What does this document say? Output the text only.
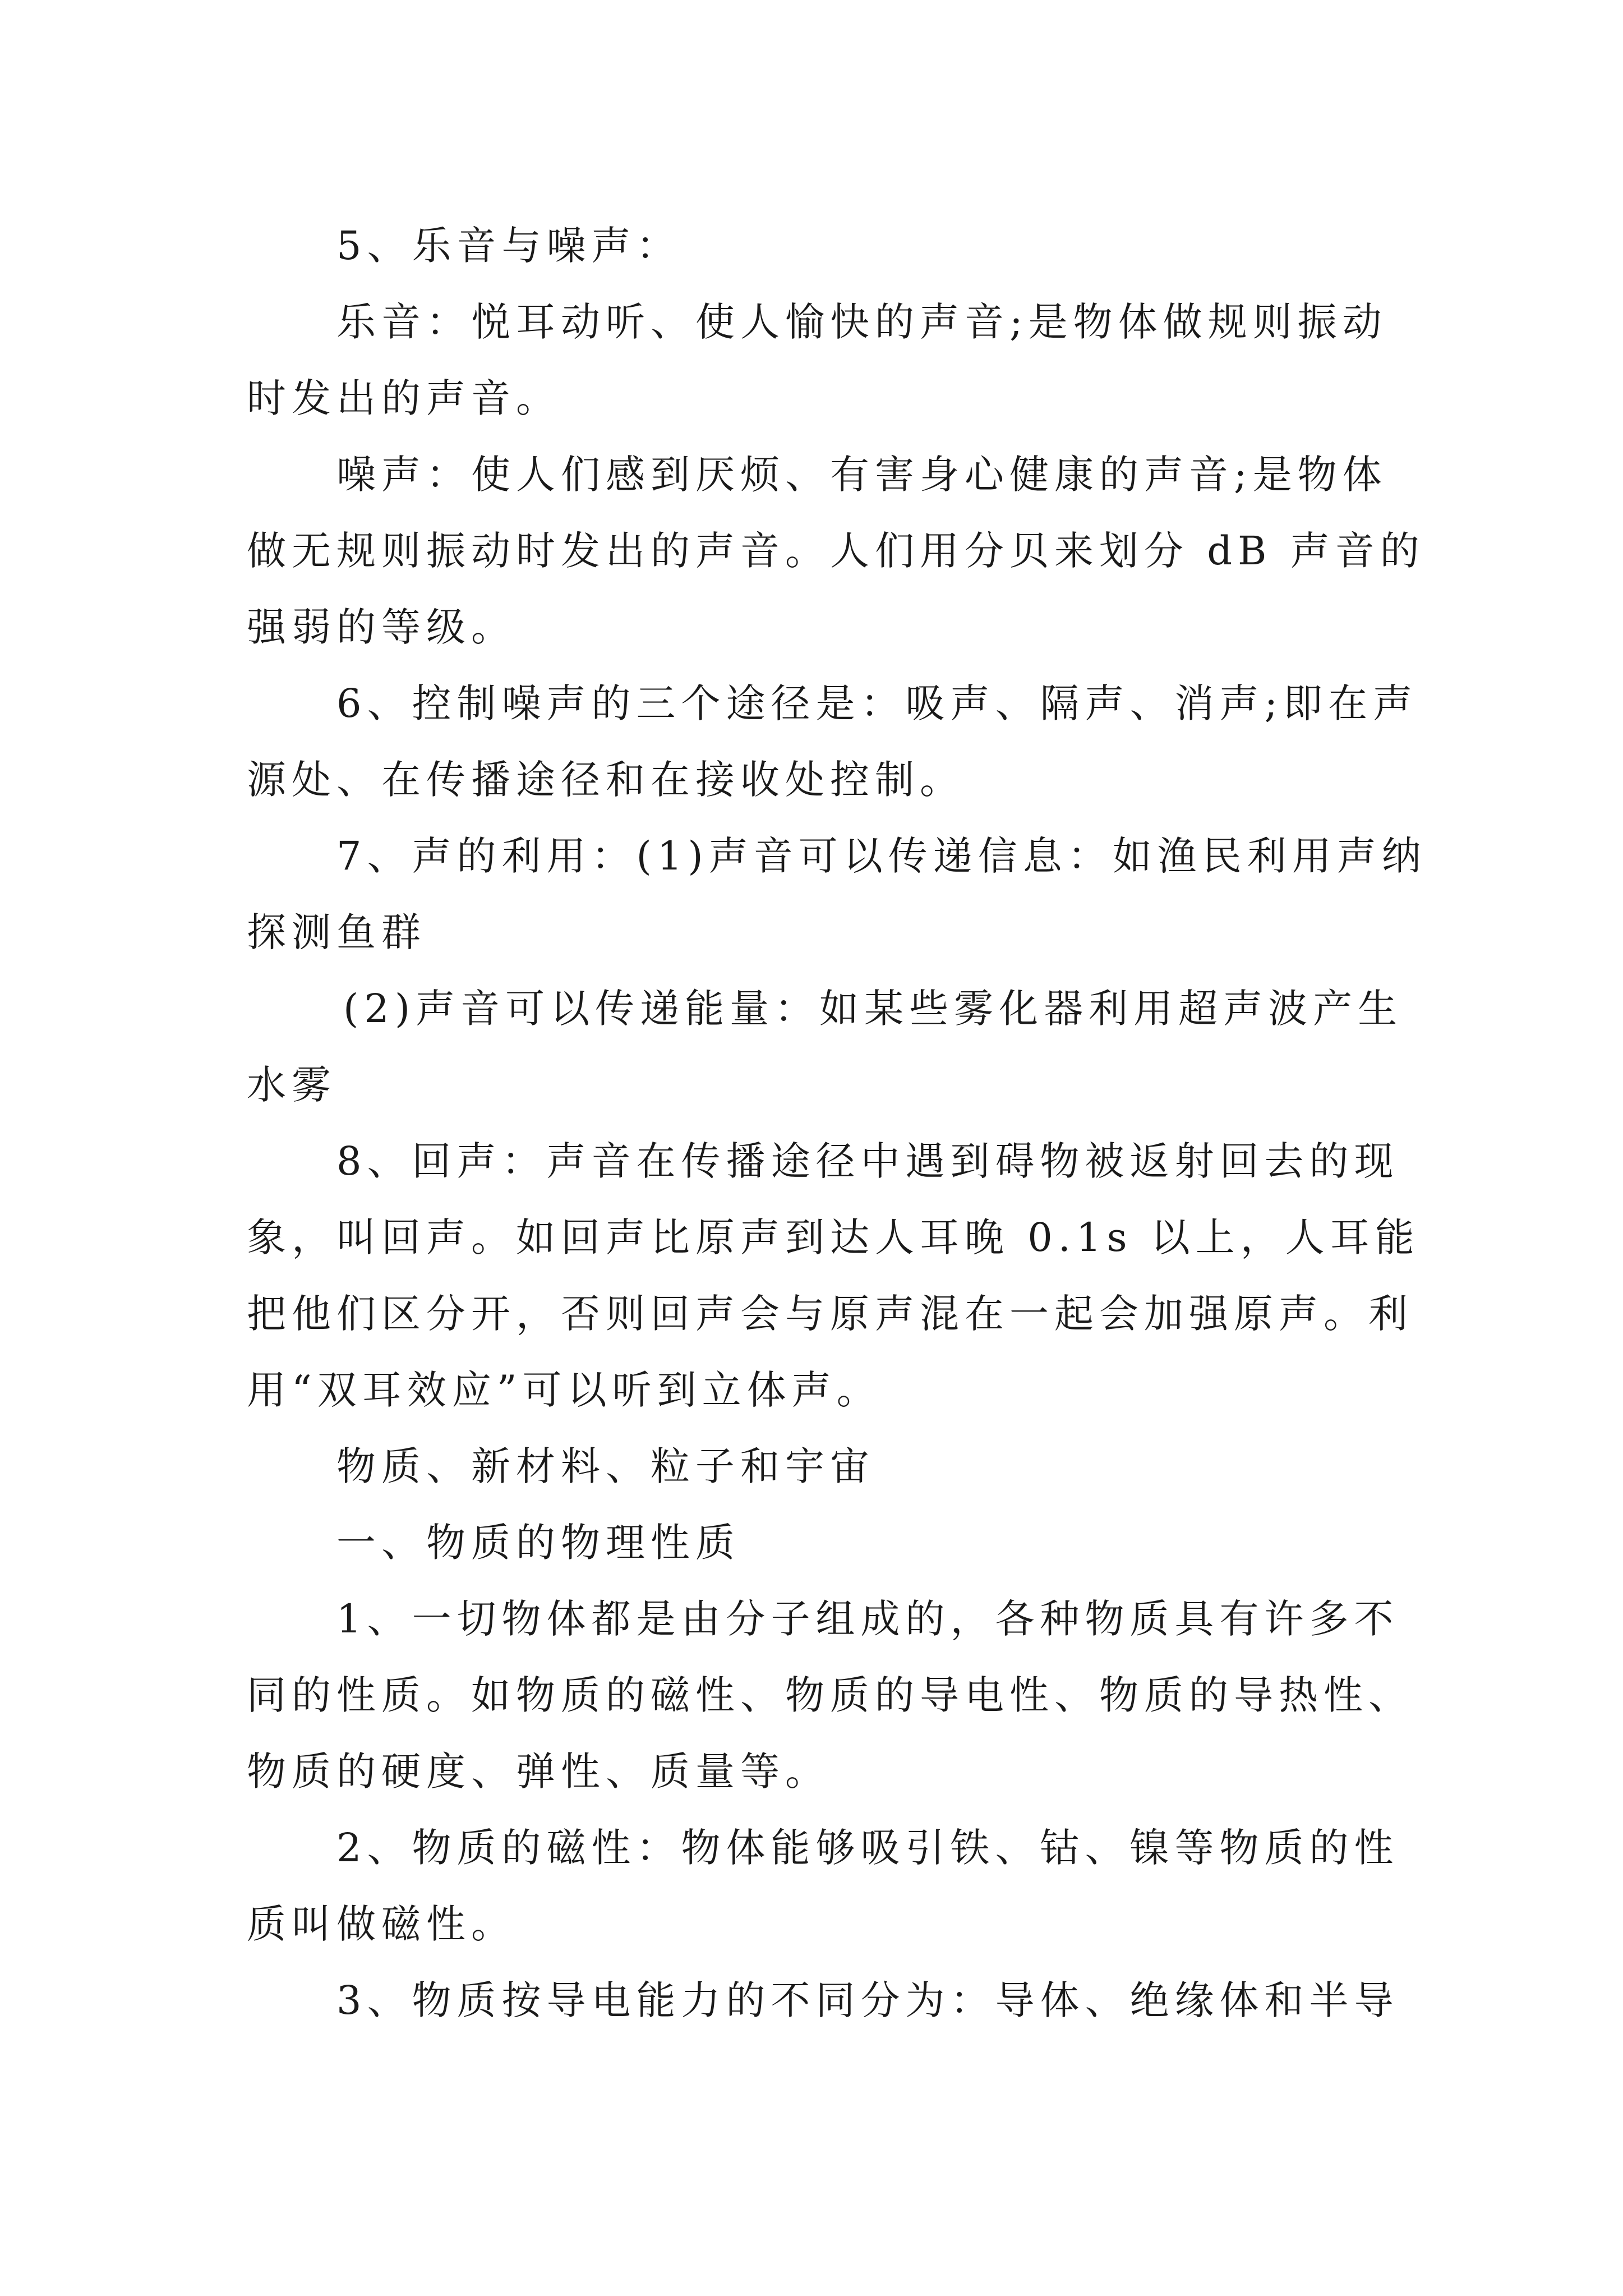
5、乐音与噪声：
乐音：悦耳动听、使人愉快的声音;是物体做规则振动
时发出的声音。
噪声：使人们感到厌烦、有害身心健康的声音;是物体
做无规则振动时发出的声音。人们用分贝来划分 dB 声音的
强弱的等级。
6、控制噪声的三个途径是：吸声、隔声、消声;即在声
源处、在传播途径和在接收处控制。
7、声的利用：(1)声音可以传递信息：如渔民利用声纳
探测鱼群
(2)声音可以传递能量：如某些雾化器利用超声波产生
水雾
8、回声：声音在传播途径中遇到碍物被返射回去的现
象，叫回声。如回声比原声到达人耳晚 0.1s 以上，人耳能
把他们区分开，否则回声会与原声混在一起会加强原声。利
用“双耳效应”可以听到立体声。
物质、新材料、粒子和宇宙
一、物质的物理性质
1、一切物体都是由分子组成的，各种物质具有许多不
同的性质。如物质的磁性、物质的导电性、物质的导热性、
物质的硬度、弹性、质量等。
2、物质的磁性：物体能够吸引铁、钴、镍等物质的性
质叫做磁性。
3、物质按导电能力的不同分为：导体、绝缘体和半导
